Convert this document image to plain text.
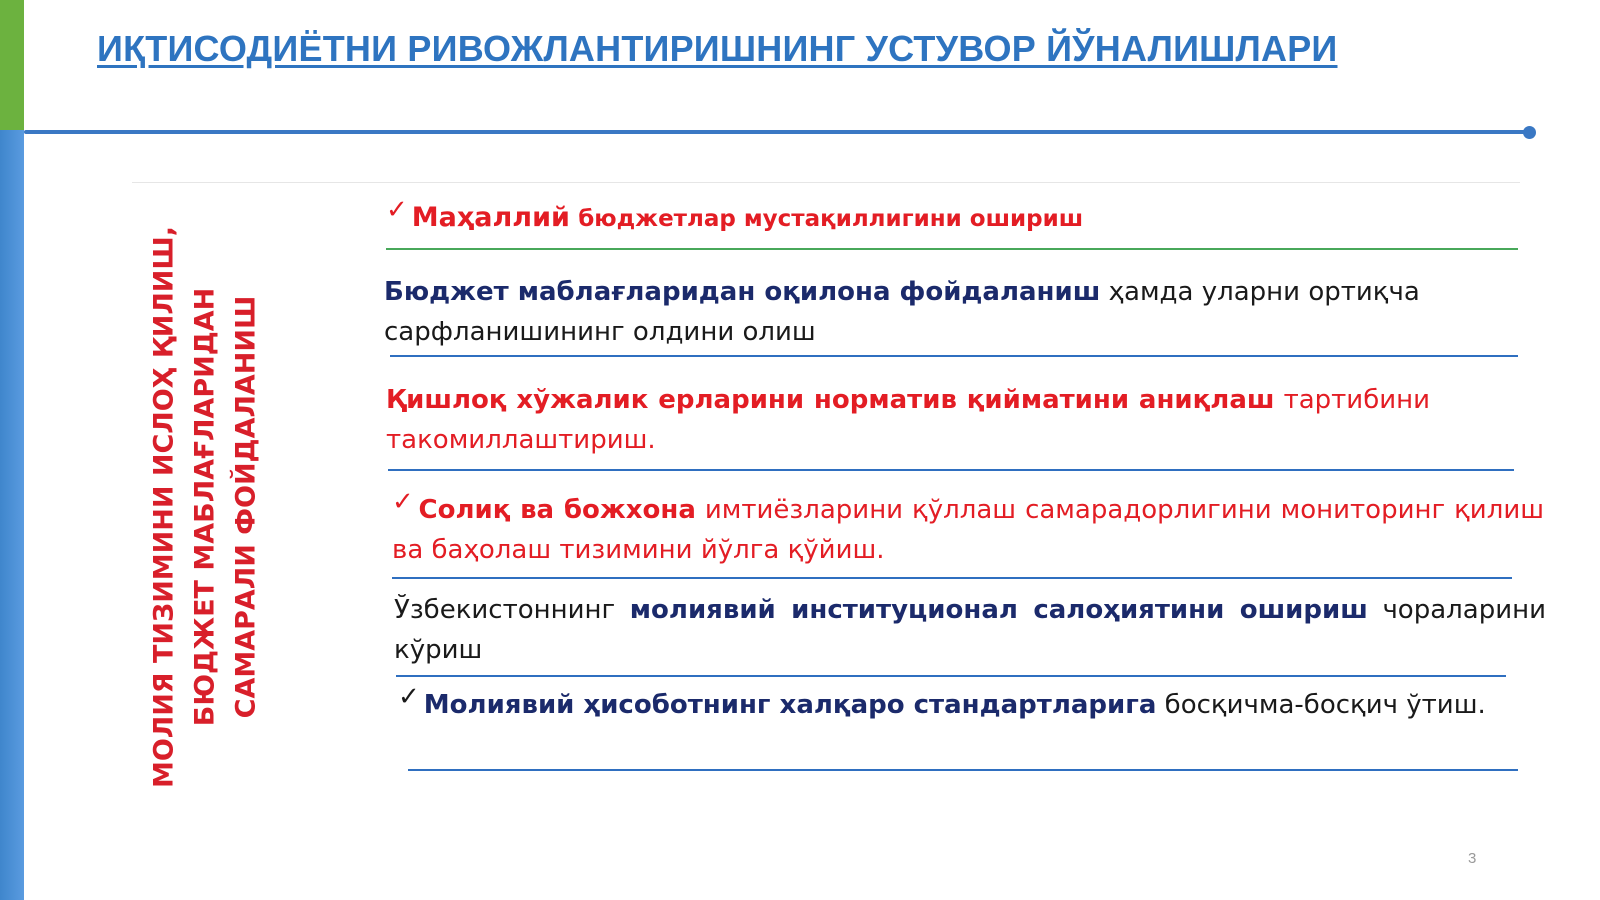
ИҚТИСОДИЁТНИ РИВОЖЛАНТИРИШНИНГ УСТУВОР ЙЎНАЛИШЛАРИ
МОЛИЯ ТИЗИМИНИ ИСЛОҲ ҚИЛИШ, БЮДЖЕТ МАБЛАҒЛАРИДАН САМАРАЛИ ФОЙДАЛАНИШ
✓ Маҳаллий бюджетлар мустақиллигини ошириш
Бюджет маблағларидан оқилона фойдаланиш ҳамда уларни ортиқча сарфланишининг олдини олиш
Қишлоқ хўжалик ерларини норматив қийматини аниқлаш тартибини такомиллаштириш.
✓ Солиқ ва божхона имтиёзларини қўллаш самарадорлигини мониторинг қилиш ва баҳолаш тизимини йўлга қўйиш.
Ўзбекистоннинг молиявий институционал салоҳиятини ошириш чораларини кўриш
✓ Молиявий ҳисоботнинг халқаро стандартларига босқичма-босқич ўтиш.
3
